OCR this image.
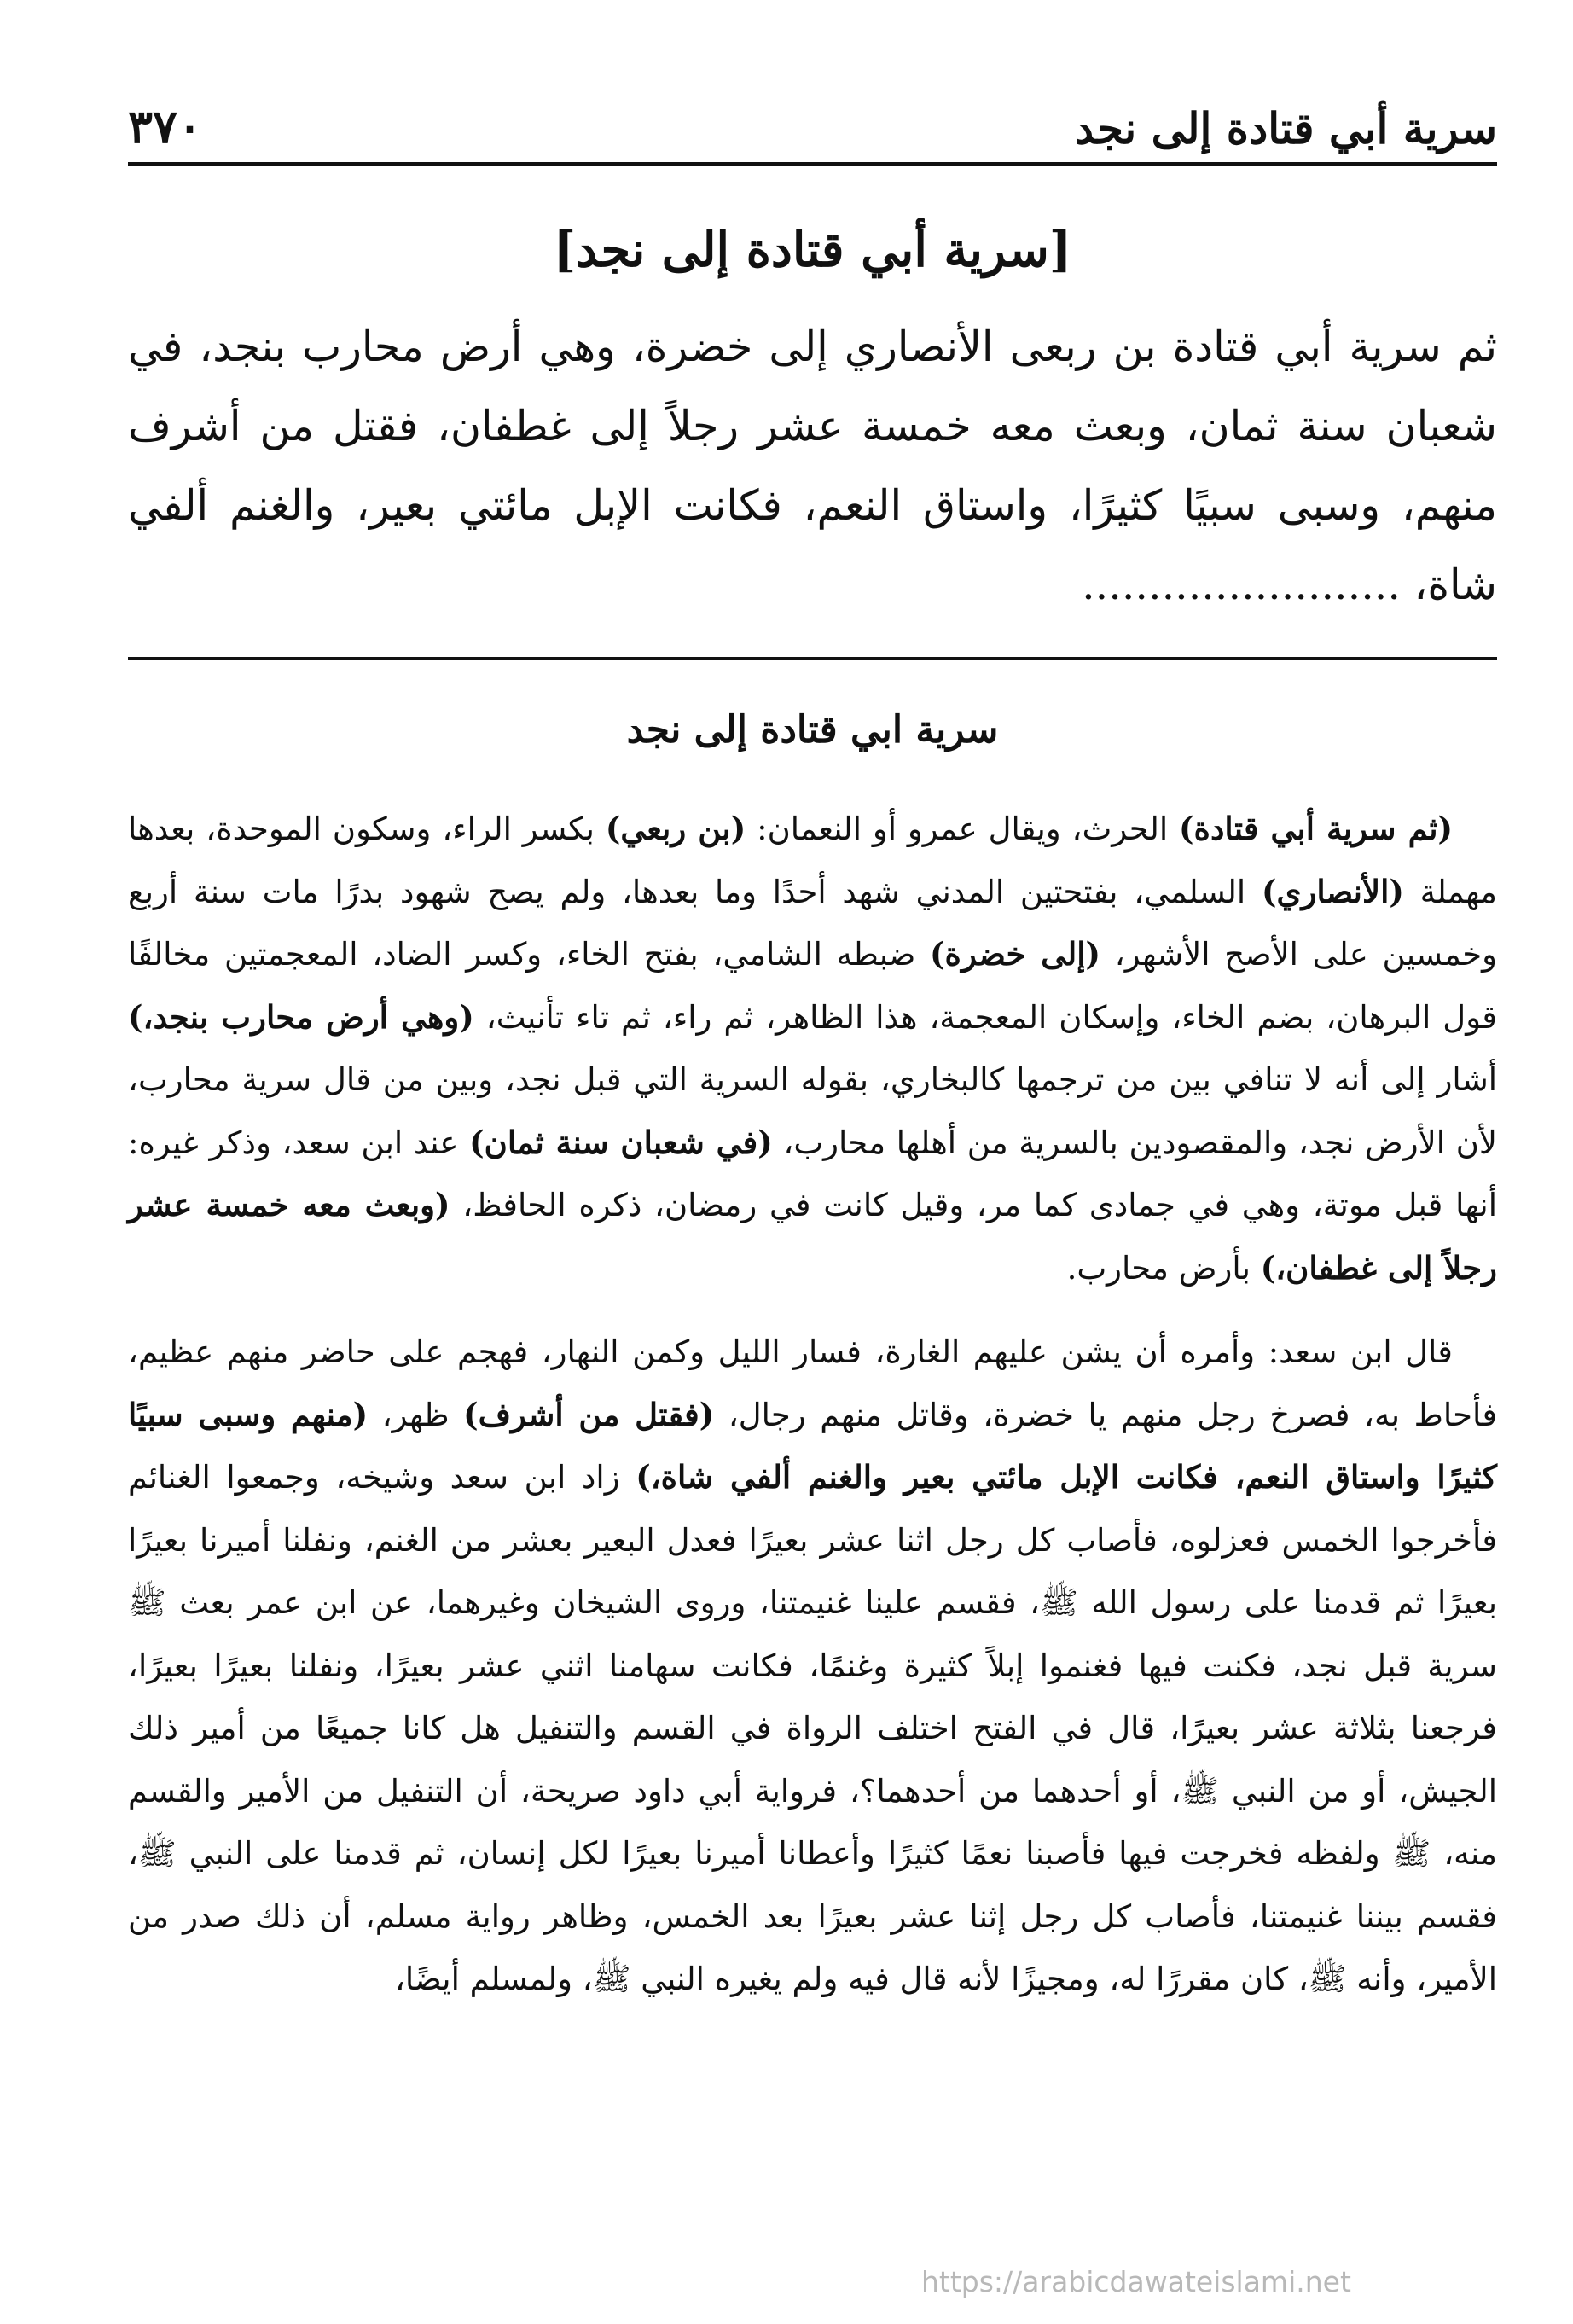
سرية أبي قتادة إلى نجد
٣٧٠
[سرية أبي قتادة إلى نجد]
ثم سرية أبي قتادة بن ربعى الأنصاري إلى خضرة، وهي أرض محارب بنجد، في شعبان سنة ثمان، وبعث معه خمسة عشر رجلاً إلى غطفان، فقتل من أشرف منهم، وسبى سبيًا كثيرًا، واستاق النعم، فكانت الإبل مائتي بعير، والغنم ألفي شاة، ........................
سرية ابي قتادة إلى نجد

(ثم سرية أبي قتادة) الحرث، ويقال عمرو أو النعمان: (بن ربعي) بكسر الراء، وسكون الموحدة، بعدها مهملة (الأنصاري) السلمي، بفتحتين المدني شهد أحدًا وما بعدها، ولم يصح شهود بدرًا مات سنة أربع وخمسين على الأصح الأشهر، (إلى خضرة) ضبطه الشامي، بفتح الخاء، وكسر الضاد، المعجمتين مخالفًا قول البرهان، بضم الخاء، وإسكان المعجمة، هذا الظاهر، ثم راء، ثم تاء تأنيث، (وهي أرض محارب بنجد،) أشار إلى أنه لا تنافي بين من ترجمها كالبخاري، بقوله السرية التي قبل نجد، وبين من قال سرية محارب، لأن الأرض نجد، والمقصودين بالسرية من أهلها محارب، (في شعبان سنة ثمان) عند ابن سعد، وذكر غيره: أنها قبل موتة، وهي في جمادى كما مر، وقيل كانت في رمضان، ذكره الحافظ، (وبعث معه خمسة عشر رجلاً إلى غطفان،) بأرض محارب.

قال ابن سعد: وأمره أن يشن عليهم الغارة، فسار الليل وكمن النهار، فهجم على حاضر منهم عظيم، فأحاط به، فصرخ رجل منهم يا خضرة، وقاتل منهم رجال، (فقتل من أشرف) ظهر، (منهم وسبى سبيًا كثيرًا واستاق النعم، فكانت الإبل مائتي بعير والغنم ألفي شاة،) زاد ابن سعد وشيخه، وجمعوا الغنائم فأخرجوا الخمس فعزلوه، فأصاب كل رجل اثنا عشر بعيرًا فعدل البعير بعشر من الغنم، ونفلنا أميرنا بعيرًا بعيرًا ثم قدمنا على رسول الله ﷺ، فقسم علينا غنيمتنا، وروى الشيخان وغيرهما، عن ابن عمر بعث ﷺ سرية قبل نجد، فكنت فيها فغنموا إبلاً كثيرة وغنمًا، فكانت سهامنا اثني عشر بعيرًا، ونفلنا بعيرًا بعيرًا، فرجعنا بثلاثة عشر بعيرًا، قال في الفتح اختلف الرواة في القسم والتنفيل هل كانا جميعًا من أمير ذلك الجيش، أو من النبي ﷺ، أو أحدهما من أحدهما؟، فرواية أبي داود صريحة، أن التنفيل من الأمير والقسم منه، ﷺ ولفظه فخرجت فيها فأصبنا نعمًا كثيرًا وأعطانا أميرنا بعيرًا لكل إنسان، ثم قدمنا على النبي ﷺ، فقسم بيننا غنيمتنا، فأصاب كل رجل إثنا عشر بعيرًا بعد الخمس، وظاهر رواية مسلم، أن ذلك صدر من الأمير، وأنه ﷺ، كان مقررًا له، ومجيزًا لأنه قال فيه ولم يغيره النبي ﷺ، ولمسلم أيضًا،

https://arabicdawateislami.net
